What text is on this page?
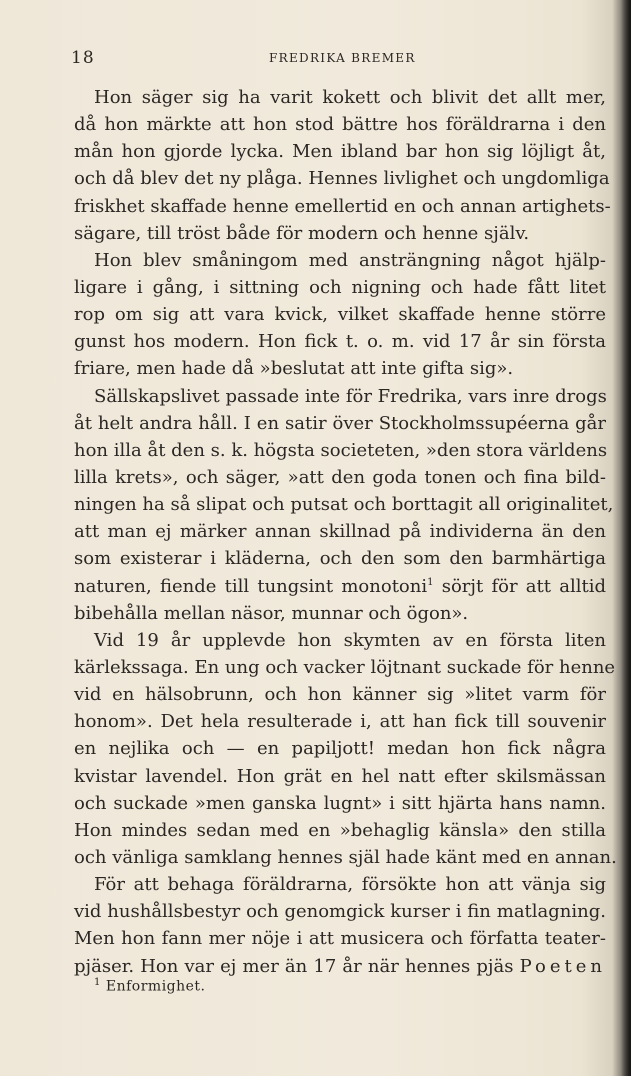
18	FREDRIKA BREMER
Hon säger sig ha varit kokett och blivit det allt mer,
då hon märkte att hon stod bättre hos föräldrarna i den
mån hon gjorde lycka. Men ibland bar hon sig löjligt åt,
och då blev det ny plåga. Hennes livlighet och ungdomliga
friskhet skaffade henne emellertid en och annan artighets-
sägare, till tröst både för modern och henne själv.
Hon blev småningom med ansträngning något hjälp-
ligare i gång, i sittning och nigning och hade fått litet
rop om sig att vara kvick, vilket skaffade henne större
gunst hos modern. Hon fick t. o. m. vid 17 år sin första
friare, men hade då »beslutat att inte gifta sig».
Sällskapslivet passade inte för Fredrika, vars inre drogs
åt helt andra håll. I en satir över Stockholmssupéerna går
hon illa åt den s. k. högsta societeten, »den stora världens
lilla krets», och säger, »att den goda tonen och fina bild-
ningen ha så slipat och putsat och borttagit all originalitet,
att man ej märker annan skillnad på individerna än den
som existerar i kläderna, och den som den barmhärtiga
naturen, fiende till tungsint monotoni$^1$ sörjt för att alltid
bibehålla mellan näsor, munnar och ögon».
Vid 19 år upplevde hon skymten av en första liten
kärlekssaga. En ung och vacker löjtnant suckade för henne
vid en hälsobrunn, och hon känner sig »litet varm för
honom». Det hela resulterade i, att han fick till souvenir
en nejlika och — en papiljott! medan hon fick några
kvistar lavendel. Hon grät en hel natt efter skilsmässan
och suckade »men ganska lugnt» i sitt hjärta hans namn.
Hon mindes sedan med en »behaglig känsla» den stilla
och vänliga samklang hennes själ hade känt med en annan.
För att behaga föräldrarna, försökte hon att vänja sig
vid hushållsbestyr och genomgick kurser i fin matlagning.
Men hon fann mer nöje i att musicera och författa teater-
pjäser. Hon var ej mer än 17 år när hennes pjäs Poeten
$^1$ Enformighet.
